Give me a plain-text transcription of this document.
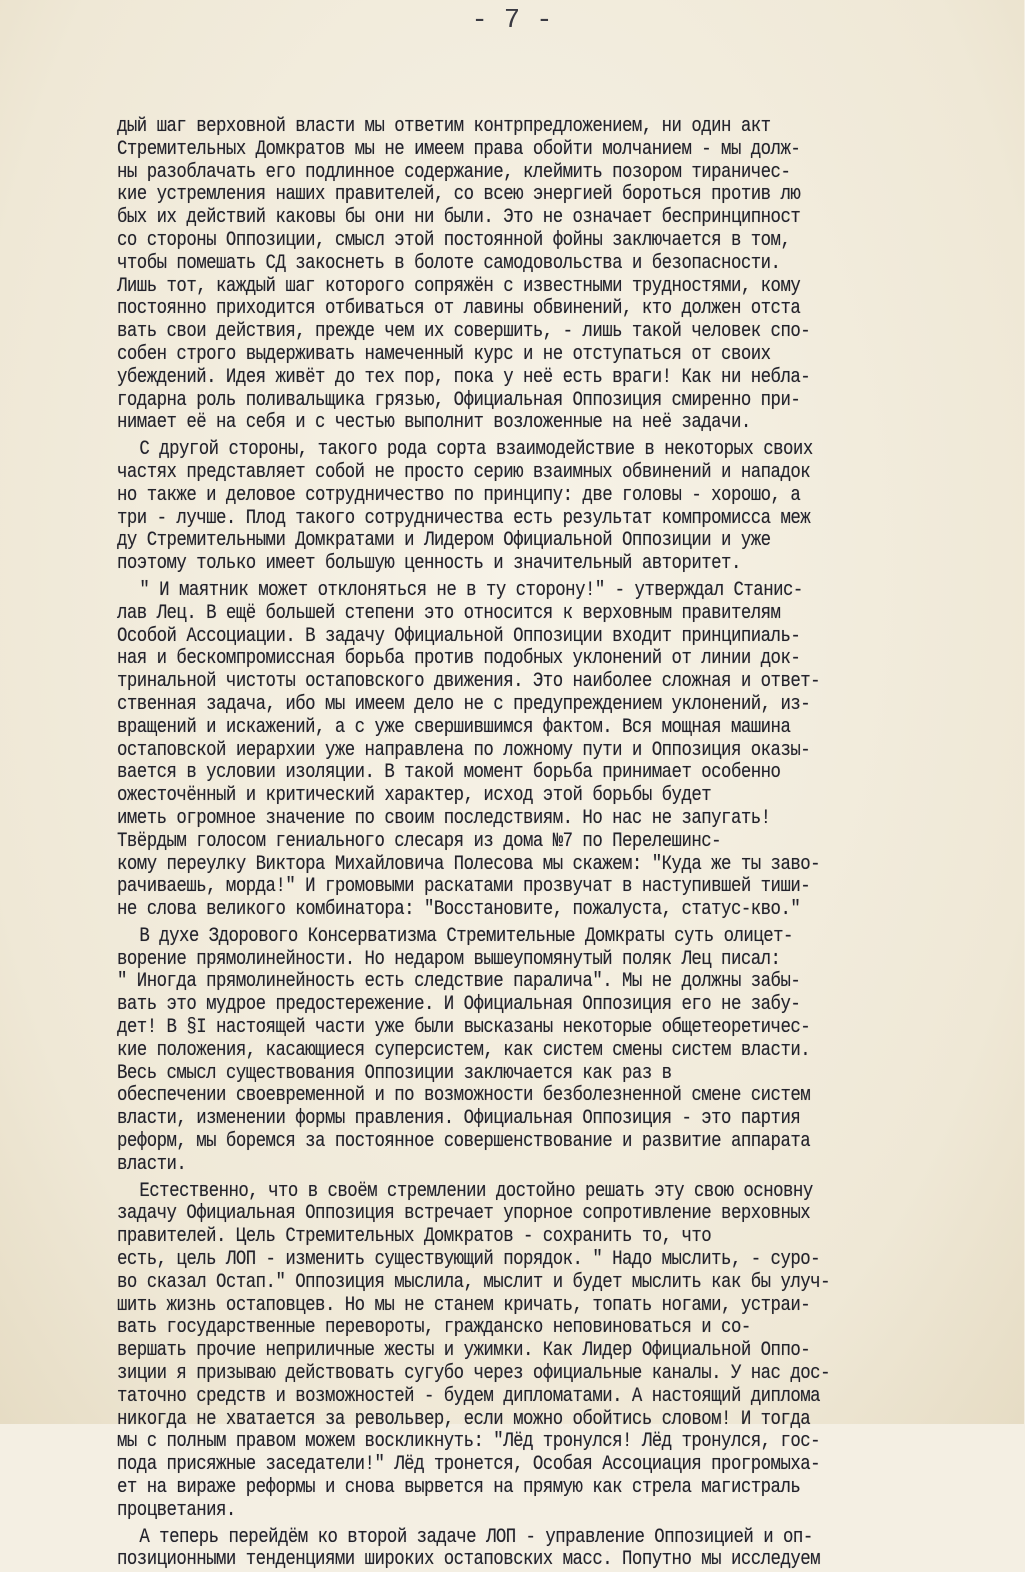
- 7 -
дый шаг верховной власти мы ответим контрпредложением, ни один акт
Стремительных Домкратов мы не имеем права обойти молчанием - мы долж-
ны разоблачать его подлинное содержание, клеймить позором тираничес-
кие устремления наших правителей, со всею энергией бороться против лю
бых их действий каковы бы они ни были. Это не означает беспринципност
со стороны Оппозиции, смысл этой постоянной фойны заключается в том,
чтобы помешать СД закоснеть в болоте самодовольства и безопасности.
Лишь тот, каждый шаг которого сопряжён с известными трудностями, кому
постоянно приходится отбиваться от лавины обвинений, кто должен отста
вать свои действия, прежде чем их совершить, - лишь такой человек спо-
собен строго выдерживать намеченный курс и не отступаться от своих
убеждений. Идея живёт до тех пор, пока у неё есть враги! Как ни небла-
годарна роль поливальщика грязью, Официальная Оппозиция смиренно при-
нимает её на себя и с честью выполнит возложенные на неё задачи.
С другой стороны, такого рода сорта взаимодействие в некоторых своих
частях представляет собой не просто серию взаимных обвинений и нападок
но также и деловое сотрудничество по принципу: две головы - хорошо, а
три - лучше. Плод такого сотрудничества есть результат компромисса меж
ду Стремительными Домкратами и Лидером Официальной Оппозиции и уже
поэтому только имеет большую ценность и значительный авторитет.
" И маятник может отклоняться не в ту сторону!" - утверждал Станис-
лав Лец. В ещё большей степени это относится к верховным правителям
Особой Ассоциации. В задачу Официальной Оппозиции входит принципиаль-
ная и бескомпромиссная борьба против подобных уклонений от линии док-
тринальной чистоты остаповского движения. Это наиболее сложная и ответ-
ственная задача, ибо мы имеем дело не с предупреждением уклонений, из-
вращений и искажений, а с уже свершившимся фактом. Вся мощная машина
остаповской иерархии уже направлена по ложному пути и Оппозиция оказы-
вается в условии изоляции. В такой момент борьба принимает особенно
ожесточённый и критический характер, исход этой борьбы будет
иметь огромное значение по своим последствиям. Но нас не запугать!
Твёрдым голосом гениального слесаря из дома №7 по Перелешинс-
кому переулку Виктора Михайловича Полесова мы скажем: "Куда же ты заво-
рачиваешь, морда!" И громовыми раскатами прозвучат в наступившей тиши-
не слова великого комбинатора: "Восстановите, пожалуста, статус-кво."
В духе Здорового Консерватизма Стремительные Домкраты суть олицет-
ворение прямолинейности. Но недаром вышеупомянутый поляк Лец писал:
" Иногда прямолинейность есть следствие паралича". Мы не должны забы-
вать это мудрое предостережение. И Официальная Оппозиция его не забу-
дет! В §I настоящей части уже были высказаны некоторые общетеоретичес-
кие положения, касающиеся суперсистем, как систем смены систем власти.
Весь смысл существования Оппозиции заключается как раз в
обеспечении своевременной и по возможности безболезненной смене систем
власти, изменении формы правления. Официальная Оппозиция - это партия
реформ, мы боремся за постоянное совершенствование и развитие аппарата
власти.
Естественно, что в своём стремлении достойно решать эту свою основну
задачу Официальная Оппозиция встречает упорное сопротивление верховных
правителей. Цель Стремительных Домкратов - сохранить то, что
есть, цель ЛОП - изменить существующий порядок. " Надо мыслить, - суро-
во сказал Остап." Оппозиция мыслила, мыслит и будет мыслить как бы улуч-
шить жизнь остаповцев. Но мы не станем кричать, топать ногами, устраи-
вать государственные перевороты, гражданско неповиноваться и со-
вершать прочие неприличные жесты и ужимки. Как Лидер Официальной Оппо-
зиции я призываю действовать сугубо через официальные каналы. У нас дос-
таточно средств и возможностей - будем дипломатами. А настоящий диплома
никогда не хватается за револьвер, если можно обойтись словом! И тогда
мы с полным правом можем воскликнуть: "Лёд тронулся! Лёд тронулся, гос-
пода присяжные заседатели!" Лёд тронется, Особая Ассоциация прогромыха-
ет на вираже реформы и снова вырвется на прямую как стрела магистраль
процветания.
А теперь перейдём ко второй задаче ЛОП - управление Оппозицией и оп-
позиционными тенденциями широких остаповских масс. Попутно мы исследуем
